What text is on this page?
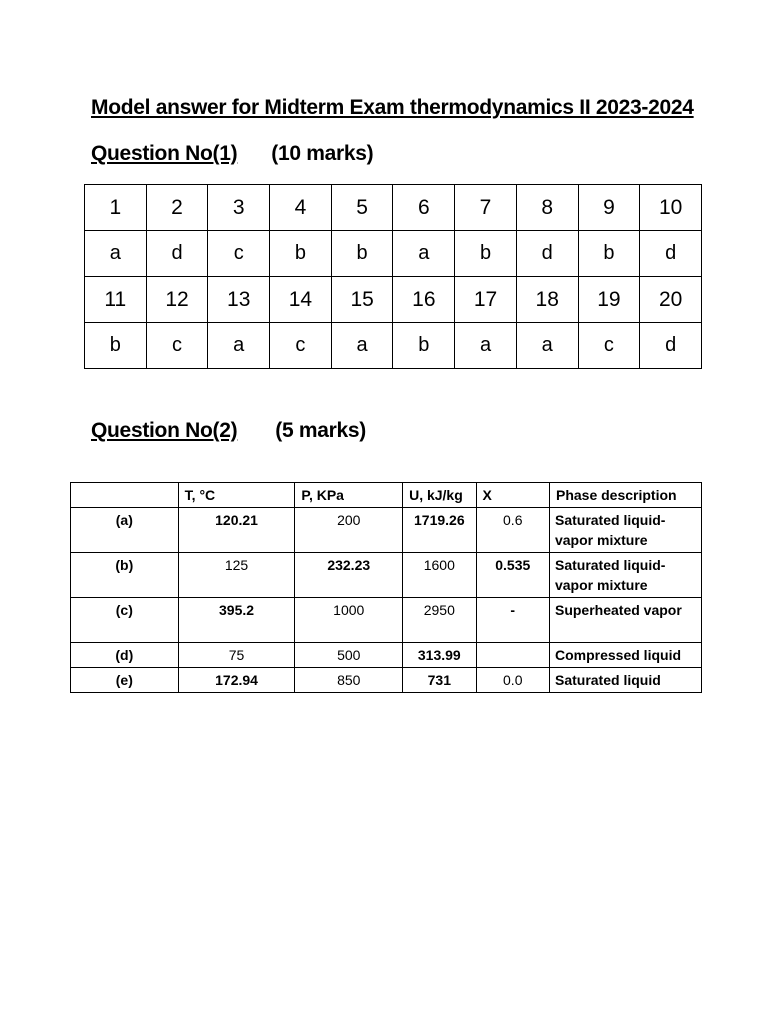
Model answer for Midterm Exam thermodynamics II 2023-2024
Question No(1) (10 marks)
1	2	3	4	5	6	7	8	9	10
a	d	c	b	b	a	b	d	b	d
11	12	13	14	15	16	17	18	19	20
b	c	a	c	a	b	a	a	c	d
Question No(2) (5 marks)
	T, °C	P, KPa	U, kJ/kg	X	Phase description
(a)	120.21	200	1719.26	0.6	Saturated liquid-vapor mixture
(b)	125	232.23	1600	0.535	Saturated liquid-vapor mixture
(c)	395.2	1000	2950	-	Superheated vapor
(d)	75	500	313.99		Compressed liquid
(e)	172.94	850	731	0.0	Saturated liquid
